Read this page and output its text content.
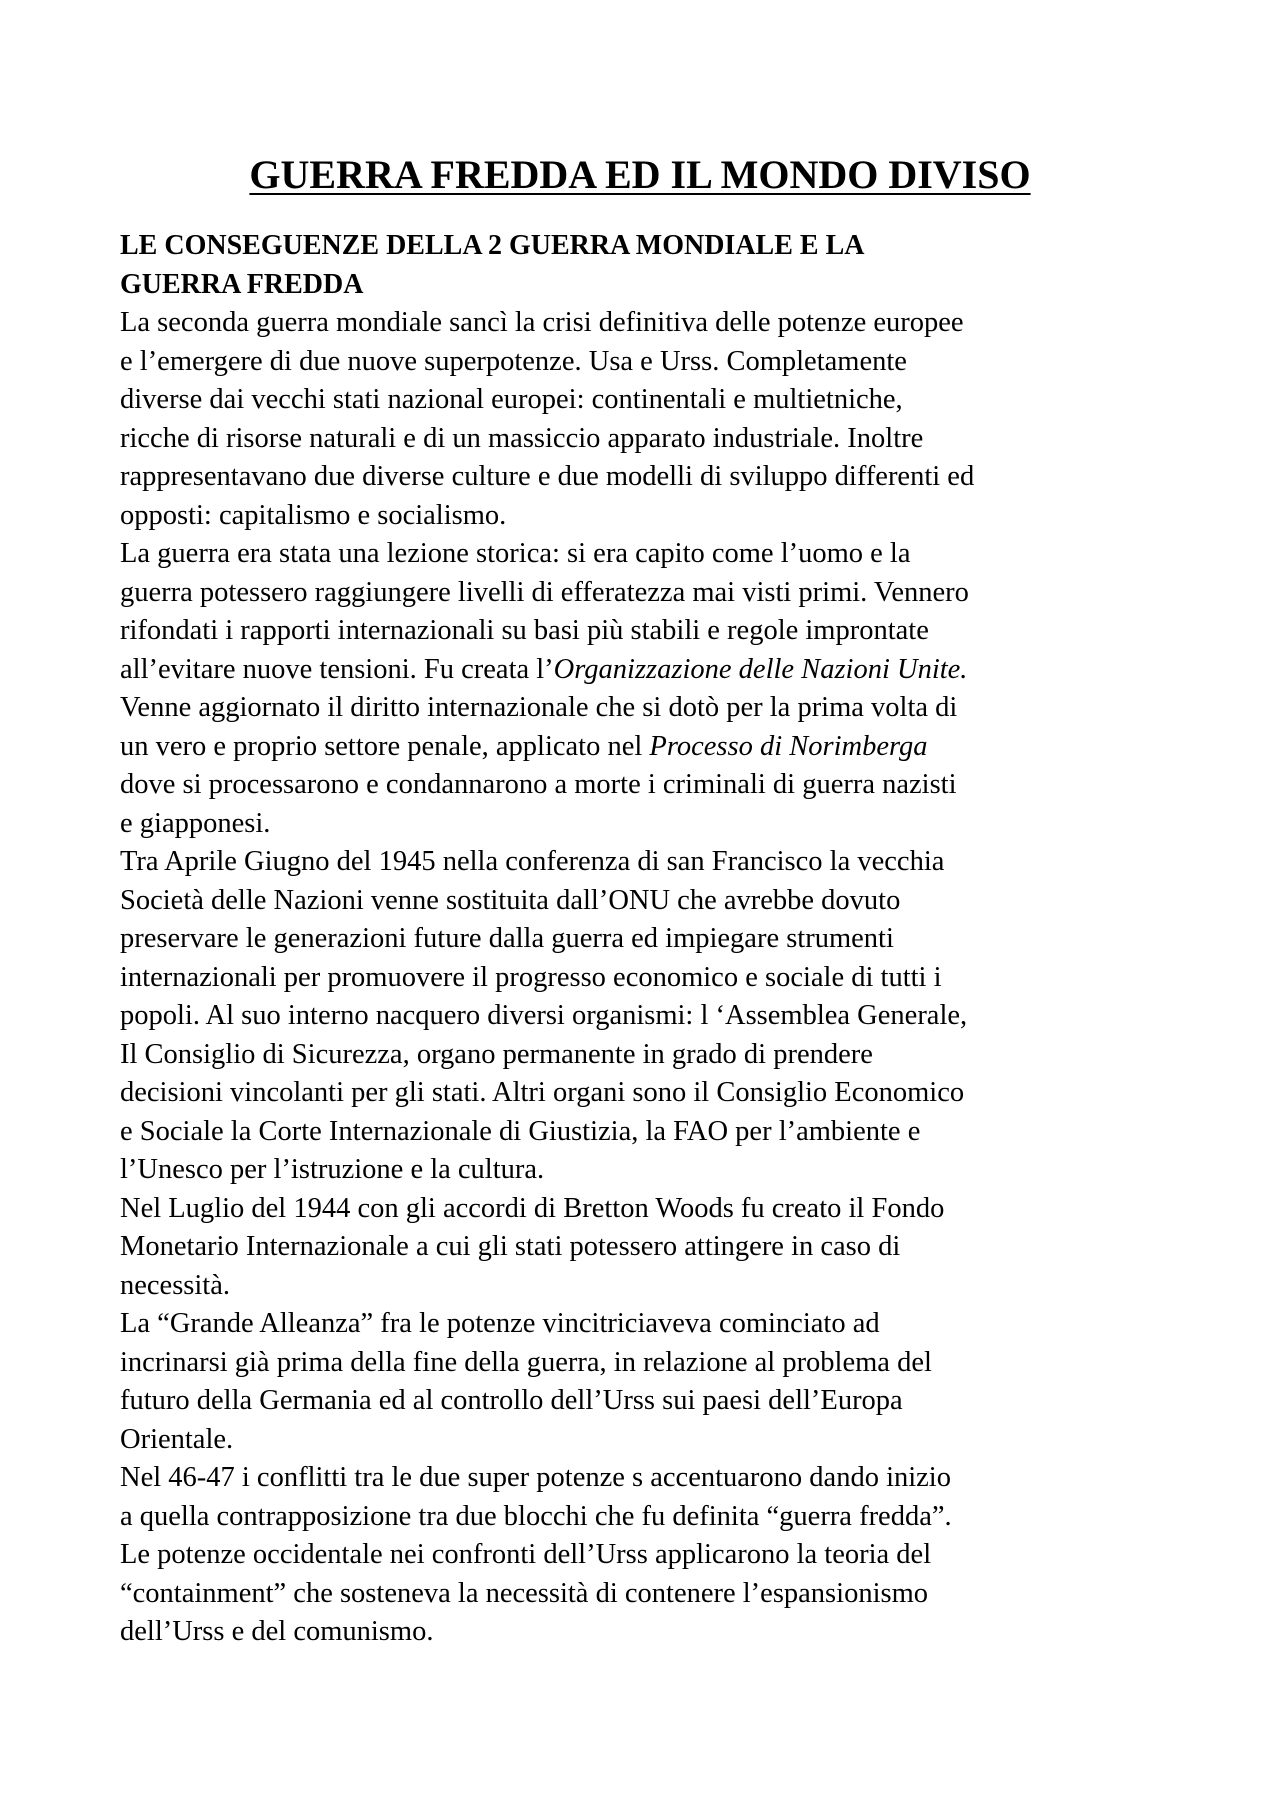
GUERRA FREDDA ED IL MONDO DIVISO
LE CONSEGUENZE DELLA 2 GUERRA MONDIALE E LA
GUERRA FREDDA
La seconda guerra mondiale sancì la crisi definitiva delle potenze europee
e l’emergere di due nuove superpotenze. Usa e Urss. Completamente
diverse dai vecchi stati nazional europei: continentali e multietniche,
ricche di risorse naturali e di un massiccio apparato industriale. Inoltre
rappresentavano due diverse culture e due modelli di sviluppo differenti ed
opposti: capitalismo e socialismo.
La guerra era stata una lezione storica: si era capito come l’uomo e la
guerra potessero raggiungere livelli di efferatezza mai visti primi. Vennero
rifondati i rapporti internazionali su basi più stabili e regole improntate
all’evitare nuove tensioni. Fu creata l’Organizzazione delle Nazioni Unite.
Venne aggiornato il diritto internazionale che si dotò per la prima volta di
un vero e proprio settore penale, applicato nel Processo di Norimberga
dove si processarono e condannarono a morte i criminali di guerra nazisti
e giapponesi.
Tra Aprile Giugno del 1945 nella conferenza di san Francisco la vecchia
Società delle Nazioni venne sostituita dall’ONU che avrebbe dovuto
preservare le generazioni future dalla guerra ed impiegare strumenti
internazionali per promuovere il progresso economico e sociale di tutti i
popoli. Al suo interno nacquero diversi organismi: l ‘Assemblea Generale,
Il Consiglio di Sicurezza, organo permanente in grado di prendere
decisioni vincolanti per gli stati. Altri organi sono il Consiglio Economico
e Sociale la Corte Internazionale di Giustizia, la FAO per l’ambiente e
l’Unesco per l’istruzione e la cultura.
Nel Luglio del 1944 con gli accordi di Bretton Woods fu creato il Fondo
Monetario Internazionale a cui gli stati potessero attingere in caso di
necessità.
La “Grande Alleanza” fra le potenze vincitriciaveva cominciato ad
incrinarsi già prima della fine della guerra, in relazione al problema del
futuro della Germania ed al controllo dell’Urss sui paesi dell’Europa
Orientale.
Nel 46-47 i conflitti tra le due super potenze s accentuarono dando inizio
a quella contrapposizione tra due blocchi che fu definita “guerra fredda”.
Le potenze occidentale nei confronti dell’Urss applicarono la teoria del
“containment” che sosteneva la necessità di contenere l’espansionismo
dell’Urss e del comunismo.
